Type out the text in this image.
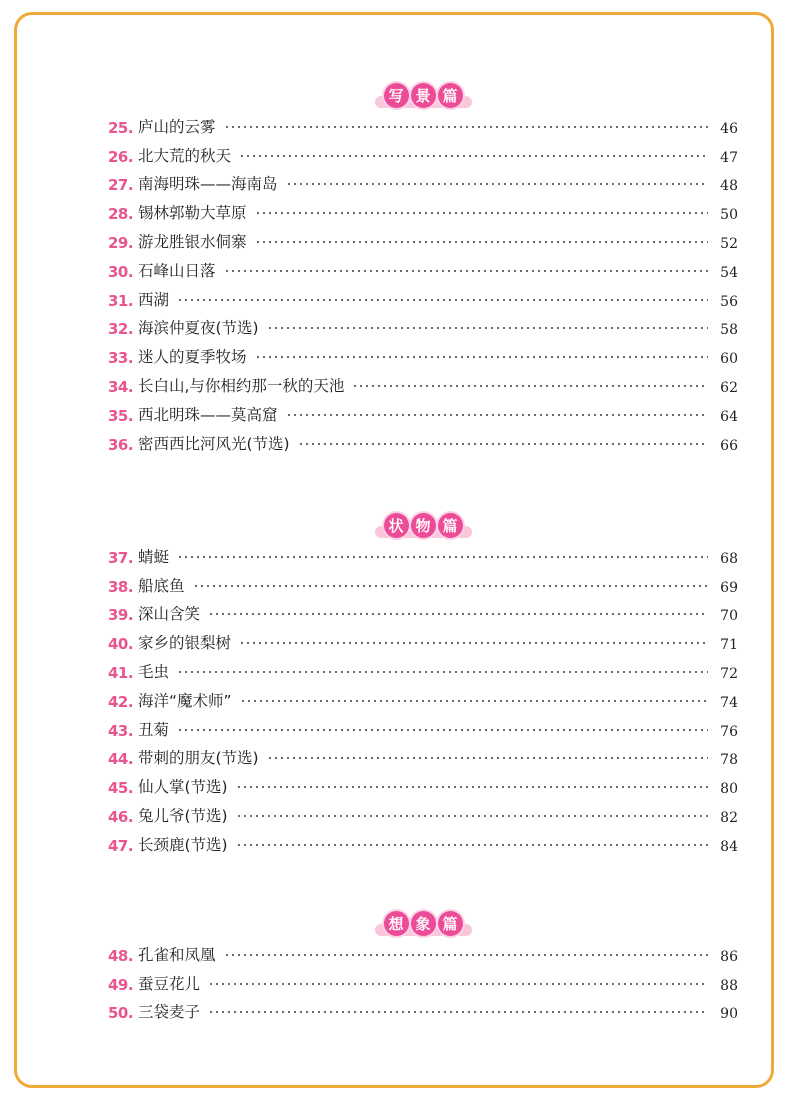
写 景 篇
25. 庐山的云雾	46
26. 北大荒的秋天	47
27. 南海明珠——海南岛	48
28. 锡林郭勒大草原	50
29. 游龙胜银水侗寨	52
30. 石峰山日落	54
31. 西湖	56
32. 海滨仲夏夜(节选)	58
33. 迷人的夏季牧场	60
34. 长白山,与你相约那一秋的天池	62
35. 西北明珠——莫高窟	64
36. 密西西比河风光(节选)	66
状 物 篇
37. 蜻蜓	68
38. 船底鱼	69
39. 深山含笑	70
40. 家乡的银梨树	71
41. 毛虫	72
42. 海洋“魔术师”	74
43. 丑菊	76
44. 带刺的朋友(节选)	78
45. 仙人掌(节选)	80
46. 兔儿爷(节选)	82
47. 长颈鹿(节选)	84
想 象 篇
48. 孔雀和凤凰	86
49. 蚕豆花儿	88
50. 三袋麦子	90
